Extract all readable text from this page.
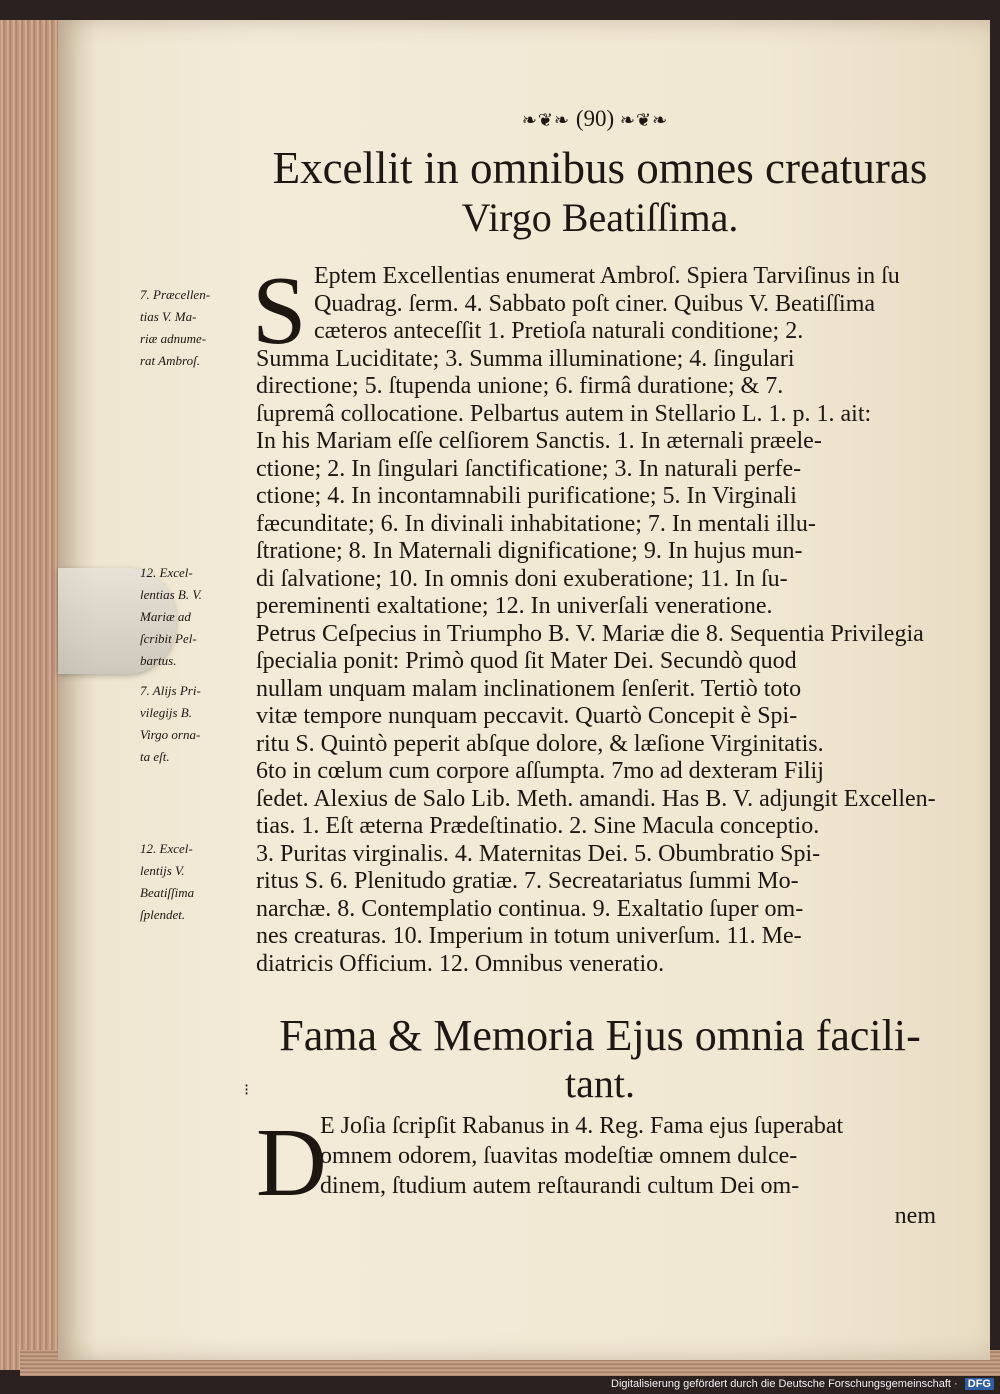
❧❦❧ (90) ❧❦❧
Excellit in omnibus omnes creaturas
Virgo Beatiſſima.
S Eptem Excellentias enumerat Ambroſ. Spiera Tarviſinus in ſu
Quadrag. ſerm. 4. Sabbato poſt ciner. Quibus V. Beatiſſima
cæteros anteceſſit 1. Pretioſa naturali conditione; 2.
Summa Luciditate; 3. Summa illuminatione; 4. ſingulari
directione; 5. ſtupenda unione; 6. firmâ duratione; & 7.
ſupremâ collocatione. Pelbartus autem in Stellario L. 1. p. 1. ait:
In his Mariam eſſe celſiorem Sanctis. 1. In æternali præele-
ctione; 2. In ſingulari ſanctificatione; 3. In naturali perfe-
ctione; 4. In incontamnabili purificatione; 5. In Virginali
fæcunditate; 6. In divinali inhabitatione; 7. In mentali illu-
ſtratione; 8. In Maternali dignificatione; 9. In hujus mun-
di ſalvatione; 10. In omnis doni exuberatione; 11. In ſu-
pereminenti exaltatione; 12. In univerſali veneratione.
Petrus Ceſpecius in Triumpho B. V. Mariæ die 8. Sequentia Privilegia
ſpecialia ponit: Primò quod ſit Mater Dei. Secundò quod
nullam unquam malam inclinationem ſenſerit. Tertiò toto
vitæ tempore nunquam peccavit. Quartò Concepit è Spi-
ritu S. Quintò peperit abſque dolore, & læſione Virginitatis.
6to in cœlum cum corpore aſſumpta. 7mo ad dexteram Filij
ſedet. Alexius de Salo Lib. Meth. amandi. Has B. V. adjungit Excellen-
tias. 1. Eſt æterna Prædeſtinatio. 2. Sine Macula conceptio.
3. Puritas virginalis. 4. Maternitas Dei. 5. Obumbratio Spi-
ritus S. 6. Plenitudo gratiæ. 7. Secreatariatus ſummi Mo-
narchæ. 8. Contemplatio continua. 9. Exaltatio ſuper om-
nes creaturas. 10. Imperium in totum univerſum. 11. Me-
diatricis Officium. 12. Omnibus veneratio.
7. Præcellen-
tias V. Ma-
riæ adnume-
rat Ambroſ.
12. Excel-
lentias B. V.
Mariæ ad
ſcribit Pel-
bartus.
7. Alijs Pri-
vilegijs B.
Virgo orna-
ta eſt.
12. Excel-
lentijs V.
Beatiſſima
ſplendet.
Fama & Memoria Ejus omnia facili-
tant.
⁝
D
E Joſia ſcripſit Rabanus in 4. Reg. Fama ejus ſuperabat
omnem odorem, ſuavitas modeſtiæ omnem dulce-
dinem, ſtudium autem reſtaurandi cultum Dei om-
nem
Digitalisierung gefördert durch die Deutsche Forschungsgemeinschaft · DFG
